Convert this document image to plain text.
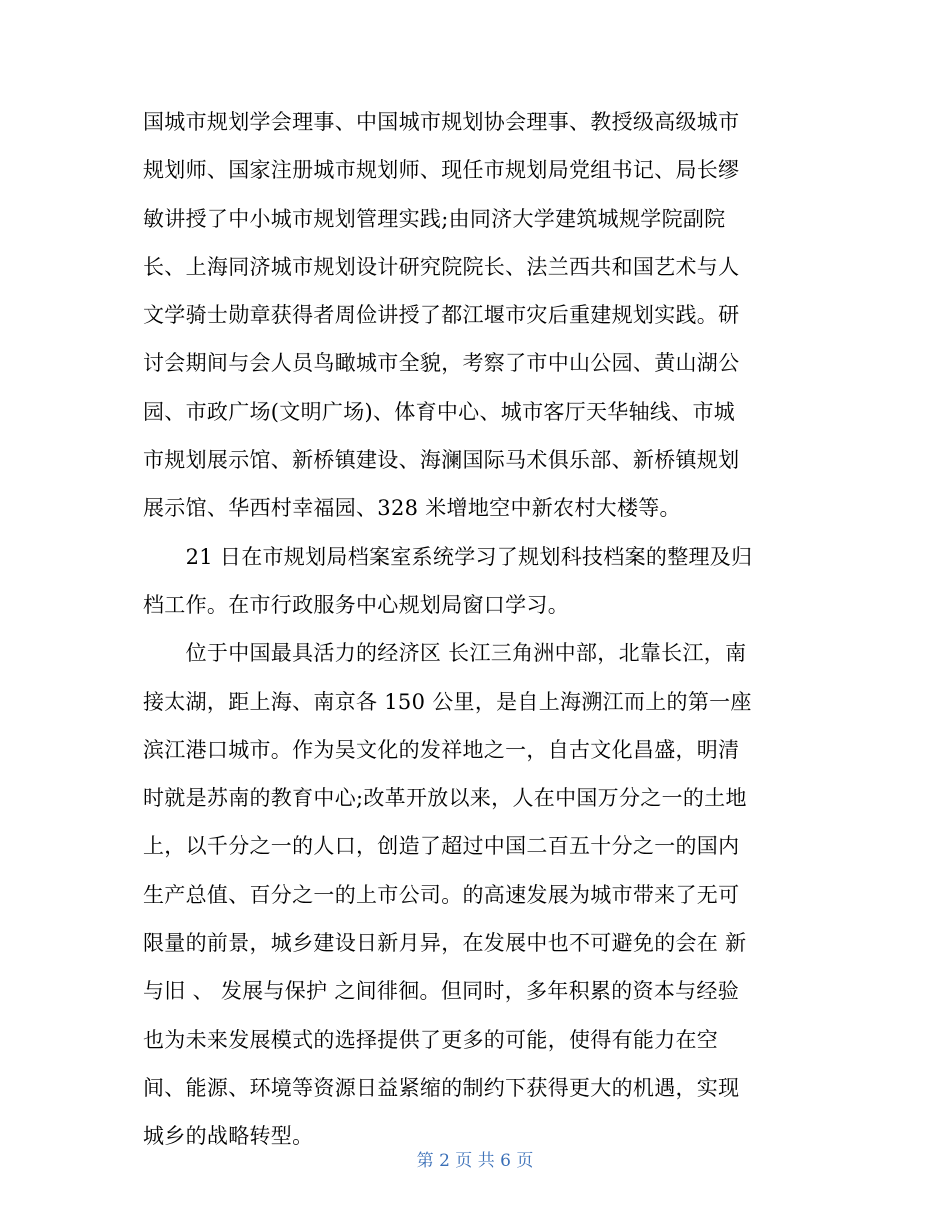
国城市规划学会理事、中国城市规划协会理事、教授级高级城市
规划师、国家注册城市规划师、现任市规划局党组书记、局长缪
敏讲授了中小城市规划管理实践;由同济大学建筑城规学院副院
长、上海同济城市规划设计研究院院长、法兰西共和国艺术与人
文学骑士勋章获得者周俭讲授了都江堰市灾后重建规划实践。研
讨会期间与会人员鸟瞰城市全貌，考察了市中山公园、黄山湖公
园、市政广场(文明广场)、体育中心、城市客厅天华轴线、市城
市规划展示馆、新桥镇建设、海澜国际马术俱乐部、新桥镇规划
展示馆、华西村幸福园、328 米增地空中新农村大楼等。
　　21 日在市规划局档案室系统学习了规划科技档案的整理及归
档工作。在市行政服务中心规划局窗口学习。
　　位于中国最具活力的经济区 长江三角洲中部，北靠长江，南
接太湖，距上海、南京各 150 公里，是自上海溯江而上的第一座
滨江港口城市。作为吴文化的发祥地之一，自古文化昌盛，明清
时就是苏南的教育中心;改革开放以来，人在中国万分之一的土地
上，以千分之一的人口，创造了超过中国二百五十分之一的国内
生产总值、百分之一的上市公司。的高速发展为城市带来了无可
限量的前景，城乡建设日新月异，在发展中也不可避免的会在 新
与旧 、 发展与保护 之间徘徊。但同时，多年积累的资本与经验
也为未来发展模式的选择提供了更多的可能，使得有能力在空
间、能源、环境等资源日益紧缩的制约下获得更大的机遇，实现
城乡的战略转型。
第 2 页 共 6 页
